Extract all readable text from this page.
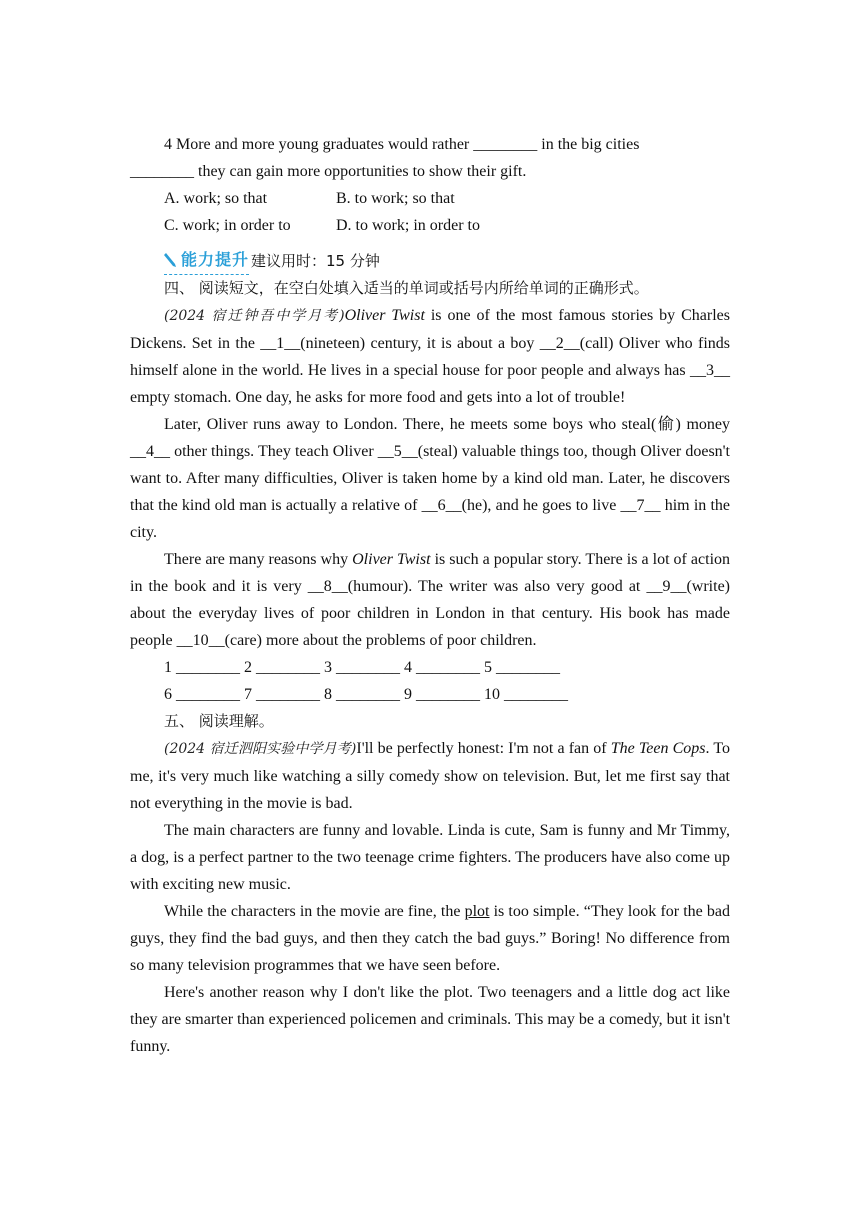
4 More and more young graduates would rather ________ in the big cities

________ they can gain more opportunities to show their gift.

A. work; so that	B. to work; so that
C. work; in order to	D. to work; in order to
能力提升 建议用时：15 分钟

四、 阅读短文，在空白处填入适当的单词或括号内所给单词的正确形式。

(2024 宿迁钟吾中学月考)Oliver Twist is one of the most famous stories by Charles Dickens. Set in the __1__(nineteen) century, it is about a boy __2__(call) Oliver who finds himself alone in the world. He lives in a special house for poor people and always has __3__ empty stomach. One day, he asks for more food and gets into a lot of trouble!

Later, Oliver runs away to London. There, he meets some boys who steal(偷) money __4__ other things. They teach Oliver __5__(steal) valuable things too, though Oliver doesn't want to. After many difficulties, Oliver is taken home by a kind old man. Later, he discovers that the kind old man is actually a relative of __6__(he), and he goes to live __7__ him in the city.

There are many reasons why Oliver Twist is such a popular story. There is a lot of action in the book and it is very __8__(humour). The writer was also very good at __9__(write) about the everyday lives of poor children in London in that century. His book has made people __10__(care) more about the problems of poor children.

1 ________ 2 ________ 3 ________ 4 ________ 5 ________

6 ________ 7 ________ 8 ________ 9 ________ 10 ________

五、 阅读理解。

(2024 宿迁泗阳实验中学月考)I'll be perfectly honest: I'm not a fan of The Teen Cops. To me, it's very much like watching a silly comedy show on television. But, let me first say that not everything in the movie is bad.

The main characters are funny and lovable. Linda is cute, Sam is funny and Mr Timmy, a dog, is a perfect partner to the two teenage crime fighters. The producers have also come up with exciting new music.

While the characters in the movie are fine, the plot is too simple. “They look for the bad guys, they find the bad guys, and then they catch the bad guys.” Boring! No difference from so many television programmes that we have seen before.

Here's another reason why I don't like the plot. Two teenagers and a little dog act like they are smarter than experienced policemen and criminals. This may be a comedy, but it isn't funny.
